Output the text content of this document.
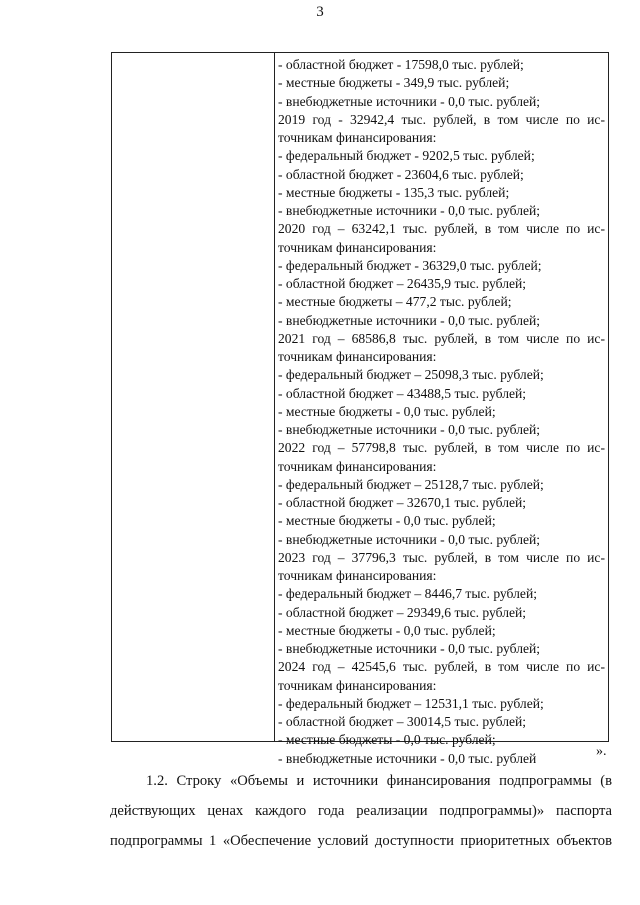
3
- областной бюджет - 17598,0 тыс. рублей;
- местные бюджеты - 349,9 тыс. рублей;
- внебюджетные источники - 0,0 тыс. рублей;
2019 год - 32942,4 тыс. рублей, в том числе по ис-
точникам финансирования:
- федеральный бюджет - 9202,5 тыс. рублей;
- областной бюджет - 23604,6 тыс. рублей;
- местные бюджеты - 135,3 тыс. рублей;
- внебюджетные источники - 0,0 тыс. рублей;
2020 год – 63242,1 тыс. рублей, в том числе по ис-
точникам финансирования:
- федеральный бюджет - 36329,0 тыс. рублей;
- областной бюджет – 26435,9 тыс. рублей;
- местные бюджеты – 477,2 тыс. рублей;
- внебюджетные источники - 0,0 тыс. рублей;
2021 год – 68586,8 тыс. рублей, в том числе по ис-
точникам финансирования:
- федеральный бюджет – 25098,3 тыс. рублей;
- областной бюджет – 43488,5 тыс. рублей;
- местные бюджеты - 0,0 тыс. рублей;
- внебюджетные источники - 0,0 тыс. рублей;
2022 год – 57798,8 тыс. рублей, в том числе по ис-
точникам финансирования:
- федеральный бюджет – 25128,7 тыс. рублей;
- областной бюджет – 32670,1 тыс. рублей;
- местные бюджеты - 0,0 тыс. рублей;
- внебюджетные источники - 0,0 тыс. рублей;
2023 год – 37796,3 тыс. рублей, в том числе по ис-
точникам финансирования:
- федеральный бюджет – 8446,7 тыс. рублей;
- областной бюджет – 29349,6 тыс. рублей;
- местные бюджеты - 0,0 тыс. рублей;
- внебюджетные источники - 0,0 тыс. рублей;
2024 год – 42545,6 тыс. рублей, в том числе по ис-
точникам финансирования:
- федеральный бюджет – 12531,1 тыс. рублей;
- областной бюджет – 30014,5 тыс. рублей;
- местные бюджеты - 0,0 тыс. рублей;
- внебюджетные источники - 0,0 тыс. рублей	».
1.2. Строку «Объемы и источники финансирования подпрограммы (в
действующих ценах каждого года реализации подпрограммы)» паспорта
подпрограммы 1 «Обеспечение условий доступности приоритетных объектов
